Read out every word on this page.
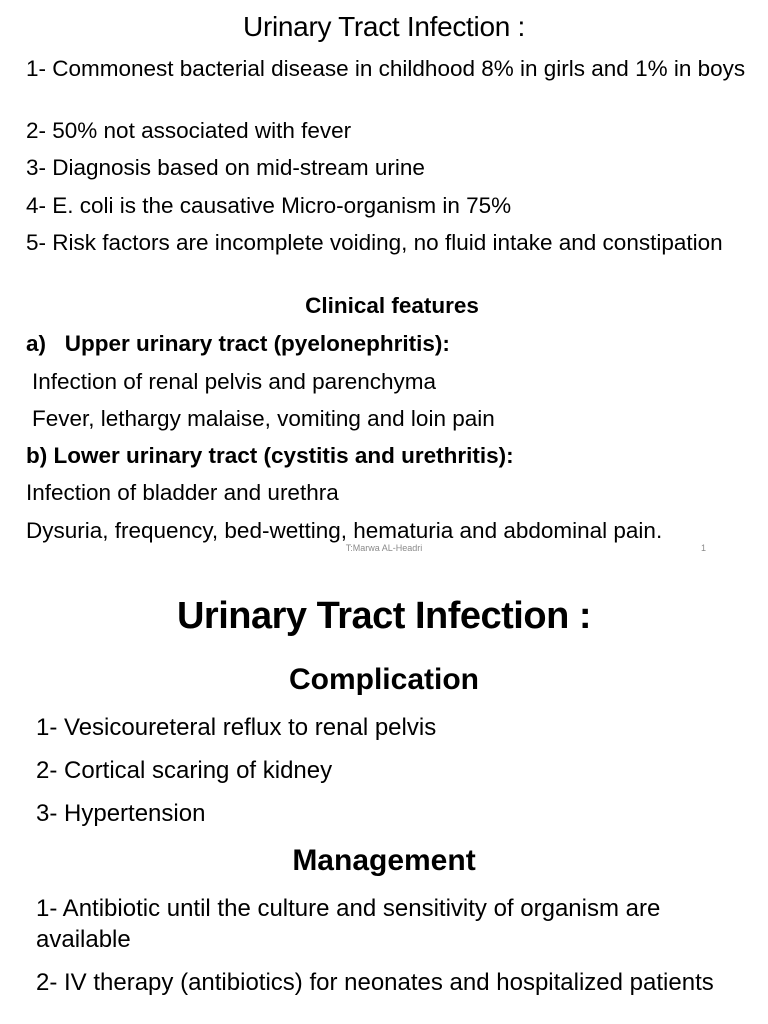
Urinary Tract Infection :

1- Commonest bacterial disease in childhood 8% in girls and 1% in boys

2- 50% not associated with fever

3- Diagnosis based on mid-stream urine

4- E. coli is the causative Micro-organism in 75%

5- Risk factors are incomplete voiding, no fluid intake and constipation

Clinical features

a)   Upper urinary tract (pyelonephritis):

Infection of renal pelvis and parenchyma

Fever, lethargy malaise, vomiting and loin pain

b) Lower urinary tract (cystitis and urethritis):

Infection of bladder and urethra

Dysuria, frequency, bed-wetting, hematuria and abdominal pain.

T:Marwa AL-Headri	1
Urinary Tract Infection :
Complication

1- Vesicoureteral reflux to renal pelvis

2- Cortical scaring of kidney

3- Hypertension

Management

1- Antibiotic until the culture and sensitivity of organism are available

2- IV therapy (antibiotics) for neonates and hospitalized patients
